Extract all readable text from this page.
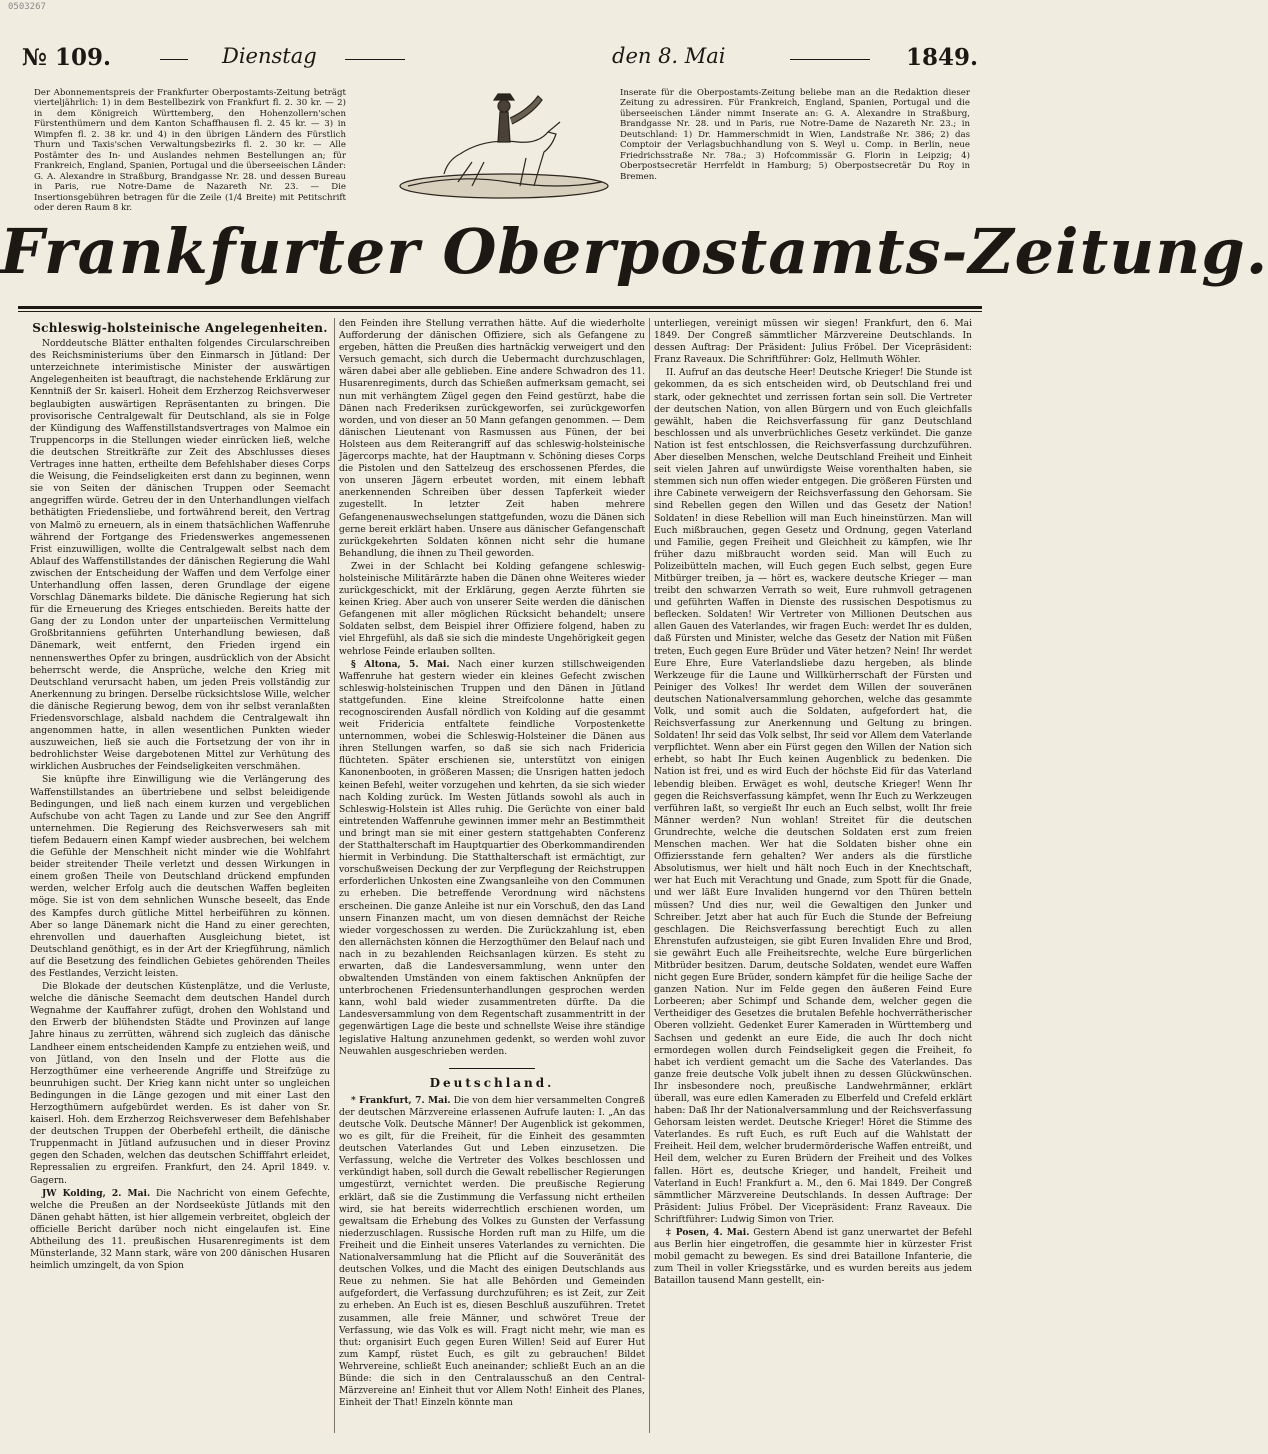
0503267
№ 109.	Dienstag	den 8. Mai	1849.
Der Abonnementspreis der Frankfurter Oberpostamts-Zeitung beträgt vierteljährlich: 1) in dem Bestellbezirk von Frankfurt fl. 2. 30 kr. — 2) in dem Königreich Württemberg, den Hohenzollern'schen Fürstenthümern und dem Kanton Schaffhausen fl. 2. 45 kr. — 3) in Wimpfen fl. 2. 38 kr. und 4) in den übrigen Ländern des Fürstlich Thurn und Taxis'schen Verwaltungsbezirks fl. 2. 30 kr. — Alle Postämter des In- und Auslandes nehmen Bestellungen an; für Frankreich, England, Spanien, Portugal und die überseeischen Länder: G. A. Alexandre in Straßburg, Brandgasse Nr. 28. und dessen Bureau in Paris, rue Notre-Dame de Nazareth Nr. 23. — Die Insertionsgebühren betragen für die Zeile (1/4 Breite) mit Petitschrift oder deren Raum 8 kr.
Inserate für die Oberpostamts-Zeitung beliebe man an die Redaktion dieser Zeitung zu adressiren. Für Frankreich, England, Spanien, Portugal und die überseeischen Länder nimmt Inserate an: G. A. Alexandre in Straßburg, Brandgasse Nr. 28. und in Paris, rue Notre-Dame de Nazareth Nr. 23.; in Deutschland: 1) Dr. Hammerschmidt in Wien, Landstraße Nr. 386; 2) das Comptoir der Verlagsbuchhandlung von S. Weyl u. Comp. in Berlin, neue Friedrichsstraße Nr. 78a.; 3) Hofcommissär G. Florin in Leipzig; 4) Oberpostsecretär Herrfeldt in Hamburg; 5) Oberpostsecretär Du Roy in Bremen.
Frankfurter Oberpostamts-Zeitung.
Schleswig-holsteinische Angelegenheiten.

Norddeutsche Blätter enthalten folgendes Circularschreiben des Reichsministeriums über den Einmarsch in Jütland: Der unterzeichnete interimistische Minister der auswärtigen Angelegenheiten ist beauftragt, die nachstehende Erklärung zur Kenntniß der Sr. kaiserl. Hoheit dem Erzherzog Reichsverweser beglaubigten auswärtigen Repräsentanten zu bringen. Die provisorische Centralgewalt für Deutschland, als sie in Folge der Kündigung des Waffenstillstandsvertrages von Malmoe ein Truppencorps in die Stellungen wieder einrücken ließ, welche die deutschen Streitkräfte zur Zeit des Abschlusses dieses Vertrages inne hatten, ertheilte dem Befehlshaber dieses Corps die Weisung, die Feindseligkeiten erst dann zu beginnen, wenn sie von Seiten der dänischen Truppen oder Seemacht angegriffen würde. Getreu der in den Unterhandlungen vielfach bethätigten Friedensliebe, und fortwährend bereit, den Vertrag von Malmö zu erneuern, als in einem thatsächlichen Waffenruhe während der Fortgange des Friedenswerkes angemessenen Frist einzuwilligen, wollte die Centralgewalt selbst nach dem Ablauf des Waffenstillstandes der dänischen Regierung die Wahl zwischen der Entscheidung der Waffen und dem Verfolge einer Unterhandlung offen lassen, deren Grundlage der eigene Vorschlag Dänemarks bildete. Die dänische Regierung hat sich für die Erneuerung des Krieges entschieden. Bereits hatte der Gang der zu London unter der unparteiischen Vermittelung Großbritanniens geführten Unterhandlung bewiesen, daß Dänemark, weit entfernt, den Frieden irgend ein nennenswerthes Opfer zu bringen, ausdrücklich von der Absicht beherrscht werde, die Ansprüche, welche den Krieg mit Deutschland verursacht haben, um jeden Preis vollständig zur Anerkennung zu bringen. Derselbe rücksichtslose Wille, welcher die dänische Regierung bewog, dem von ihr selbst veranlaßten Friedensvorschlage, alsbald nachdem die Centralgewalt ihn angenommen hatte, in allen wesentlichen Punkten wieder auszuweichen, ließ sie auch die Fortsetzung der von ihr in bedrohlichster Weise dargebotenen Mittel zur Verhütung des wirklichen Ausbruches der Feindseligkeiten verschmähen.

Sie knüpfte ihre Einwilligung wie die Verlängerung des Waffenstillstandes an übertriebene und selbst beleidigende Bedingungen, und ließ nach einem kurzen und vergeblichen Aufschube von acht Tagen zu Lande und zur See den Angriff unternehmen. Die Regierung des Reichsverwesers sah mit tiefem Bedauern einen Kampf wieder ausbrechen, bei welchem die Gefühle der Menschheit nicht minder wie die Wohlfahrt beider streitender Theile verletzt und dessen Wirkungen in einem großen Theile von Deutschland drückend empfunden werden, welcher Erfolg auch die deutschen Waffen begleiten möge. Sie ist von dem sehnlichen Wunsche beseelt, das Ende des Kampfes durch gütliche Mittel herbeiführen zu können. Aber so lange Dänemark nicht die Hand zu einer gerechten, ehrenvollen und dauerhaften Ausgleichung bietet, ist Deutschland genöthigt, es in der Art der Kriegführung, nämlich auf die Besetzung des feindlichen Gebietes gehörenden Theiles des Festlandes, Verzicht leisten.

Die Blokade der deutschen Küstenplätze, und die Verluste, welche die dänische Seemacht dem deutschen Handel durch Wegnahme der Kauffahrer zufügt, drohen den Wohlstand und den Erwerb der blühendsten Städte und Provinzen auf lange Jahre hinaus zu zerrütten, während sich zugleich das dänische Landheer einem entscheidenden Kampfe zu entziehen weiß, und von Jütland, von den Inseln und der Flotte aus die Herzogthümer eine verheerende Angriffe und Streifzüge zu beunruhigen sucht. Der Krieg kann nicht unter so ungleichen Bedingungen in die Länge gezogen und mit einer Last den Herzogthümern aufgebürdet werden. Es ist daher von Sr. kaiserl. Hoh. dem Erzherzog Reichsverweser dem Befehlshaber der deutschen Truppen der Oberbefehl ertheilt, die dänische Truppenmacht in Jütland aufzusuchen und in dieser Provinz gegen den Schaden, welchen das deutschen Schifffahrt erleidet, Repressalien zu ergreifen. Frankfurt, den 24. April 1849. v. Gagern.

JW Kolding, 2. Mai. Die Nachricht von einem Gefechte, welche die Preußen an der Nordseeküste Jütlands mit den Dänen gehabt hätten, ist hier allgemein verbreitet, obgleich der officielle Bericht darüber noch nicht eingelaufen ist. Eine Abtheilung des 11. preußischen Husarenregiments ist dem Münsterlande, 32 Mann stark, wäre von 200 dänischen Husaren heimlich umzingelt, da von Spion

den Feinden ihre Stellung verrathen hätte. Auf die wiederholte Aufforderung der dänischen Offiziere, sich als Gefangene zu ergeben, hätten die Preußen dies hartnäckig verweigert und den Versuch gemacht, sich durch die Uebermacht durchzuschlagen, wären dabei aber alle geblieben. Eine andere Schwadron des 11. Husarenregiments, durch das Schießen aufmerksam gemacht, sei nun mit verhängtem Zügel gegen den Feind gestürzt, habe die Dänen nach Frederiksen zurückgeworfen, sei zurückgeworfen worden, und von dieser an 50 Mann gefangen genommen. — Dem dänischen Lieutenant von Rasmussen aus Fünen, der bei Holsteen aus dem Reiterangriff auf das schleswig-holsteinische Jägercorps machte, hat der Hauptmann v. Schöning dieses Corps die Pistolen und den Sattelzeug des erschossenen Pferdes, die von unseren Jägern erbeutet worden, mit einem lebhaft anerkennenden Schreiben über dessen Tapferkeit wieder zugestellt. In letzter Zeit haben mehrere Gefangenenauswechselungen stattgefunden, wozu die Dänen sich gerne bereit erklärt haben. Unsere aus dänischer Gefangenschaft zurückgekehrten Soldaten können nicht sehr die humane Behandlung, die ihnen zu Theil geworden.

Zwei in der Schlacht bei Kolding gefangene schleswig-holsteinische Militärärzte haben die Dänen ohne Weiteres wieder zurückgeschickt, mit der Erklärung, gegen Aerzte führten sie keinen Krieg. Aber auch von unserer Seite werden die dänischen Gefangenen mit aller möglichen Rücksicht behandelt; unsere Soldaten selbst, dem Beispiel ihrer Offiziere folgend, haben zu viel Ehrgefühl, als daß sie sich die mindeste Ungehörigkeit gegen wehrlose Feinde erlauben sollten.

§ Altona, 5. Mai. Nach einer kurzen stillschweigenden Waffenruhe hat gestern wieder ein kleines Gefecht zwischen schleswig-holsteinischen Truppen und den Dänen in Jütland stattgefunden. Eine kleine Streifcolonne hatte einen recognoscirenden Ausfall nördlich von Kolding auf die gesammt weit Fridericia entfaltete feindliche Vorpostenkette unternommen, wobei die Schleswig-Holsteiner die Dänen aus ihren Stellungen warfen, so daß sie sich nach Fridericia flüchteten. Später erschienen sie, unterstützt von einigen Kanonenbooten, in größeren Massen; die Unsrigen hatten jedoch keinen Befehl, weiter vorzugehen und kehrten, da sie sich wieder nach Kolding zurück. Im Westen Jütlands sowohl als auch in Schleswig-Holstein ist Alles ruhig. Die Gerüchte von einer bald eintretenden Waffenruhe gewinnen immer mehr an Bestimmtheit und bringt man sie mit einer gestern stattgehabten Conferenz der Statthalterschaft im Hauptquartier des Oberkommandirenden hiermit in Verbindung. Die Statthalterschaft ist ermächtigt, zur vorschußweisen Deckung der zur Verpflegung der Reichstruppen erforderlichen Unkosten eine Zwangsanleihe von den Communen zu erheben. Die betreffende Verordnung wird nächstens erscheinen. Die ganze Anleihe ist nur ein Vorschuß, den das Land unsern Finanzen macht, um von diesen demnächst der Reiche wieder vorgeschossen zu werden. Die Zurückzahlung ist, eben den allernächsten können die Herzogthümer den Belauf nach und nach in zu bezahlenden Reichsanlagen kürzen. Es steht zu erwarten, daß die Landesversammlung, wenn unter den obwaltenden Umständen von einem faktischen Anknüpfen der unterbrochenen Friedensunterhandlungen gesprochen werden kann, wohl bald wieder zusammentreten dürfte. Da die Landesversammlung von dem Regentschaft zusammentritt in der gegenwärtigen Lage die beste und schnellste Weise ihre ständige legislative Haltung anzunehmen gedenkt, so werden wohl zuvor Neuwahlen ausgeschrieben werden.

Deutschland.

* Frankfurt, 7. Mai. Die von dem hier versammelten Congreß der deutschen Märzvereine erlassenen Aufrufe lauten: I. „An das deutsche Volk. Deutsche Männer! Der Augenblick ist gekommen, wo es gilt, für die Freiheit, für die Einheit des gesammten deutschen Vaterlandes Gut und Leben einzusetzen. Die Verfassung, welche die Vertreter des Volkes beschlossen und verkündigt haben, soll durch die Gewalt rebellischer Regierungen umgestürzt, vernichtet werden. Die preußische Regierung erklärt, daß sie die Zustimmung die Verfassung nicht ertheilen wird, sie hat bereits widerrechtlich erschienen worden, um gewaltsam die Erhebung des Volkes zu Gunsten der Verfassung niederzuschlagen. Russische Horden ruft man zu Hilfe, um die Freiheit und die Einheit unseres Vaterlandes zu vernichten. Die Nationalversammlung hat die Pflicht auf die Souveränität des deutschen Volkes, und die Macht des einigen Deutschlands aus Reue zu nehmen. Sie hat alle Behörden und Gemeinden aufgefordert, die Verfassung durchzuführen; es ist Zeit, zur Zeit zu erheben. An Euch ist es, diesen Beschluß auszuführen. Tretet zusammen, alle freie Männer, und schwöret Treue der Verfassung, wie das Volk es will. Fragt nicht mehr, wie man es thut: organisirt Euch gegen Euren Willen! Seid auf Eurer Hut zum Kampf, rüstet Euch, es gilt zu gebrauchen! Bildet Wehrvereine, schließt Euch aneinander; schließt Euch an an die Bünde: die sich in den Centralausschuß an den Central-Märzvereine an! Einheit thut vor Allem Noth! Einheit des Planes, Einheit der That! Einzeln könnte man

unterliegen, vereinigt müssen wir siegen! Frankfurt, den 6. Mai 1849. Der Congreß sämmtlicher Märzvereine Deutschlands. In dessen Auftrag: Der Präsident: Julius Fröbel. Der Vicepräsident: Franz Raveaux. Die Schriftführer: Golz, Hellmuth Wöhler.

II. Aufruf an das deutsche Heer! Deutsche Krieger! Die Stunde ist gekommen, da es sich entscheiden wird, ob Deutschland frei und stark, oder geknechtet und zerrissen fortan sein soll. Die Vertreter der deutschen Nation, von allen Bürgern und von Euch gleichfalls gewählt, haben die Reichsverfassung für ganz Deutschland beschlossen und als unverbrüchliches Gesetz verkündet. Die ganze Nation ist fest entschlossen, die Reichsverfassung durchzuführen. Aber dieselben Menschen, welche Deutschland Freiheit und Einheit seit vielen Jahren auf unwürdigste Weise vorenthalten haben, sie stemmen sich nun offen wieder entgegen. Die größeren Fürsten und ihre Cabinete verweigern der Reichsverfassung den Gehorsam. Sie sind Rebellen gegen den Willen und das Gesetz der Nation! Soldaten! in diese Rebellion will man Euch hineinstürzen. Man will Euch mißbrauchen, gegen Gesetz und Ordnung, gegen Vaterland und Familie, gegen Freiheit und Gleichheit zu kämpfen, wie Ihr früher dazu mißbraucht worden seid. Man will Euch zu Polizeibütteln machen, will Euch gegen Euch selbst, gegen Eure Mitbürger treiben, ja — hört es, wackere deutsche Krieger — man treibt den schwarzen Verrath so weit, Eure ruhmvoll getragenen und geführten Waffen in Dienste des russischen Despotismus zu beflecken. Soldaten! Wir Vertreter von Millionen Deutschen aus allen Gauen des Vaterlandes, wir fragen Euch: werdet Ihr es dulden, daß Fürsten und Minister, welche das Gesetz der Nation mit Füßen treten, Euch gegen Eure Brüder und Väter hetzen? Nein! Ihr werdet Eure Ehre, Eure Vaterlandsliebe dazu hergeben, als blinde Werkzeuge für die Laune und Willkürherrschaft der Fürsten und Peiniger des Volkes! Ihr werdet dem Willen der souveränen deutschen Nationalversammlung gehorchen, welche das gesammte Volk, und somit auch die Soldaten, aufgefordert hat, die Reichsverfassung zur Anerkennung und Geltung zu bringen. Soldaten! Ihr seid das Volk selbst, Ihr seid vor Allem dem Vaterlande verpflichtet. Wenn aber ein Fürst gegen den Willen der Nation sich erhebt, so habt Ihr Euch keinen Augenblick zu bedenken. Die Nation ist frei, und es wird Euch der höchste Eid für das Vaterland lebendig bleiben. Erwäget es wohl, deutsche Krieger! Wenn Ihr gegen die Reichsverfassung kämpfet, wenn Ihr Euch zu Werkzeugen verführen laßt, so vergießt Ihr euch an Euch selbst, wollt Ihr freie Männer werden? Nun wohlan! Streitet für die deutschen Grundrechte, welche die deutschen Soldaten erst zum freien Menschen machen. Wer hat die Soldaten bisher ohne ein Offiziersstande fern gehalten? Wer anders als die fürstliche Absolutismus, wer hielt und hält noch Euch in der Knechtschaft, wer hat Euch mit Verachtung und Gnade, zum Spott für die Gnade, und wer läßt Eure Invaliden hungernd vor den Thüren betteln müssen? Und dies nur, weil die Gewaltigen den Junker und Schreiber. Jetzt aber hat auch für Euch die Stunde der Befreiung geschlagen. Die Reichsverfassung berechtigt Euch zu allen Ehrenstufen aufzusteigen, sie gibt Euren Invaliden Ehre und Brod, sie gewährt Euch alle Freiheitsrechte, welche Eure bürgerlichen Mitbrüder besitzen. Darum, deutsche Soldaten, wendet eure Waffen nicht gegen Eure Brüder, sondern kämpfet für die heilige Sache der ganzen Nation. Nur im Felde gegen den äußeren Feind Eure Lorbeeren; aber Schimpf und Schande dem, welcher gegen die Vertheidiger des Gesetzes die brutalen Befehle hochverrätherischer Oberen vollzieht. Gedenket Eurer Kameraden in Württemberg und Sachsen und gedenkt an eure Eide, die auch Ihr doch nicht ermordegen wollen durch Feindseligkeit gegen die Freiheit, fo habet ich verdient gemacht um die Sache des Vaterlandes. Das ganze freie deutsche Volk jubelt ihnen zu dessen Glückwünschen. Ihr insbesondere noch, preußische Landwehrmänner, erklärt überall, was eure edlen Kameraden zu Elberfeld und Crefeld erklärt haben: Daß Ihr der Nationalversammlung und der Reichsverfassung Gehorsam leisten werdet. Deutsche Krieger! Höret die Stimme des Vaterlandes. Es ruft Euch, es ruft Euch auf die Wahlstatt der Freiheit. Heil dem, welcher brudermörderische Waffen entreißt, und Heil dem, welcher zu Euren Brüdern der Freiheit und des Volkes fallen. Hört es, deutsche Krieger, und handelt, Freiheit und Vaterland in Euch! Frankfurt a. M., den 6. Mai 1849. Der Congreß sämmtlicher Märzvereine Deutschlands. In dessen Auftrage: Der Präsident: Julius Fröbel. Der Vicepräsident: Franz Raveaux. Die Schriftführer: Ludwig Simon von Trier.

‡ Posen, 4. Mai. Gestern Abend ist ganz unerwartet der Befehl aus Berlin hier eingetroffen, die gesammte hier in kürzester Frist mobil gemacht zu bewegen. Es sind drei Bataillone Infanterie, die zum Theil in voller Kriegsstärke, und es wurden bereits aus jedem Bataillon tausend Mann gestellt, ein-
